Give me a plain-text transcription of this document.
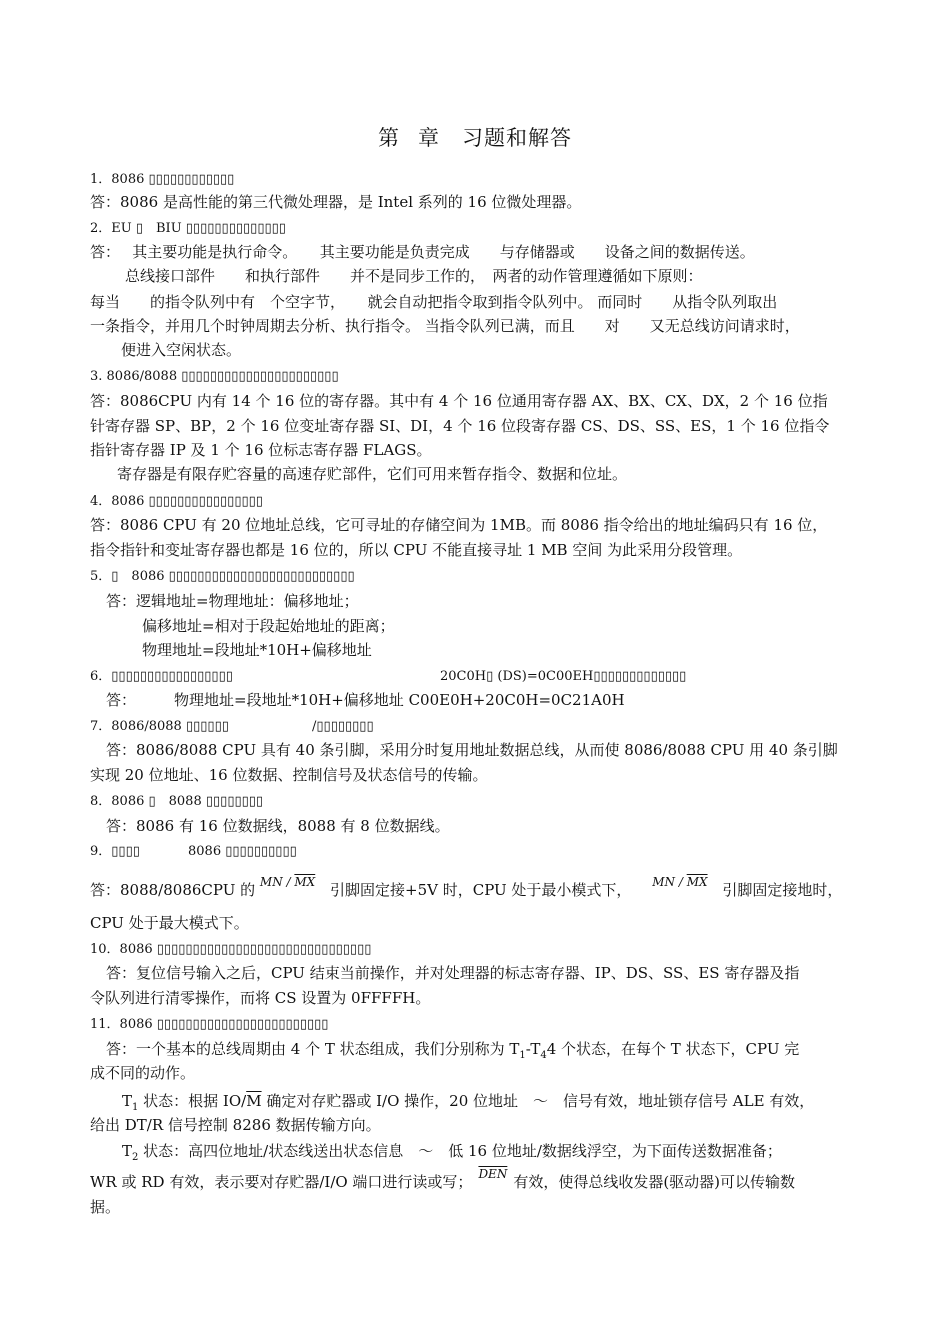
第 章 习题和解答
1．8086 ▯▯▯▯▯▯▯▯▯▯▯▯
答：8086 是高性能的第三代微处理器，是 Intel 系列的 16 位微处理器。
2．EU ▯　BIU ▯▯▯▯▯▯▯▯▯▯▯▯▯▯
答：　 其主要功能是执行命令。　　其主要功能是负责完成　　与存储器或　　设备之间的数据传送。
总线接口部件　　和执行部件　　并不是同步工作的，　两者的动作管理遵循如下原则：
每当　　的指令队列中有　个空字节，　　就会自动把指令取到指令队列中。 而同时　　从指令队列取出
一条指令，并用几个时钟周期去分析、执行指令。 当指令队列已满，而且　　对　　又无总线访问请求时，
便进入空闲状态。
3. 8086/8088 ▯▯▯▯▯▯▯▯▯▯▯▯▯▯▯▯▯▯▯▯▯▯
答：8086CPU 内有 14 个 16 位的寄存器。其中有 4 个 16 位通用寄存器 AX、BX、CX、DX，2 个 16 位指
针寄存器 SP、BP，2 个 16 位变址寄存器 SI、DI，4 个 16 位段寄存器 CS、DS、SS、ES，1 个 16 位指令
指针寄存器 IP 及 1 个 16 位标志寄存器 FLAGS。
寄存器是有限存贮容量的高速存贮部件，它们可用来暂存指令、数据和位址。
4．8086 ▯▯▯▯▯▯▯▯▯▯▯▯▯▯▯▯
答：8086 CPU 有 20 位地址总线，它可寻址的存储空间为 1MB。而 8086 指令给出的地址编码只有 16 位，
指令指针和变址寄存器也都是 16 位的，所以 CPU 不能直接寻址 1 MB 空间 为此采用分段管理。
5．▯　8086 ▯▯▯▯▯▯▯▯▯▯▯▯▯▯▯▯▯▯▯▯▯▯▯▯▯▯
答：逻辑地址=物理地址：偏移地址；
偏移地址=相对于段起始地址的距离；
物理地址=段地址*10H+偏移地址
6．▯▯▯▯▯▯▯▯▯▯▯▯▯▯▯▯▯	20C0H▯ (DS)=0C00EH▯▯▯▯▯▯▯▯▯▯▯▯▯
答：	物理地址=段地址*10H+偏移地址 C00E0H+20C0H=0C21A0H
7．8086/8088 ▯▯▯▯▯▯	/▯▯▯▯▯▯▯▯
答：8086/8088 CPU 具有 40 条引脚，采用分时复用地址数据总线，从而使 8086/8088 CPU 用 40 条引脚
实现 20 位地址、16 位数据、控制信号及状态信号的传输。
8．8086 ▯　8088 ▯▯▯▯▯▯▯▯
答：8086 有 16 位数据线，8088 有 8 位数据线。
9．▯▯▯▯	8086 ▯▯▯▯▯▯▯▯▯▯
答：8088/8086CPU 的 $^{MN / \overline{MX}}$ 引脚固定接+5V 时，CPU 处于最小模式下， $^{MN / \overline{MX}}$ 引脚固定接地时，
CPU 处于最大模式下。
10．8086 ▯▯▯▯▯▯▯▯▯▯▯▯▯▯▯▯▯▯▯▯▯▯▯▯▯▯▯▯▯▯
答：复位信号输入之后，CPU 结束当前操作，并对处理器的标志寄存器、IP、DS、SS、ES 寄存器及指
令队列进行清零操作，而将 CS 设置为 0FFFFH。
11．8086 ▯▯▯▯▯▯▯▯▯▯▯▯▯▯▯▯▯▯▯▯▯▯▯▯
答：一个基本的总线周期由 4 个 T 状态组成，我们分别称为 $T_1-T_44$ 个状态，在每个 T 状态下，CPU 完
成不同的动作。
$T_1$ 状态：根据 $IO/\overline{M}$ 确定对存贮器或 I/O 操作，20 位地址　～　信号有效，地址锁存信号 ALE 有效，
给出 DT/R 信号控制 8286 数据传输方向。
$T_2$ 状态：高四位地址/状态线送出状态信息　～　低 16 位地址/数据线浮空，为下面传送数据准备；
WR 或 RD 有效，表示要对存贮器/I/O 端口进行读或写； $^{\overline{DEN}}$ 有效，使得总线收发器(驱动器)可以传输数
据。
